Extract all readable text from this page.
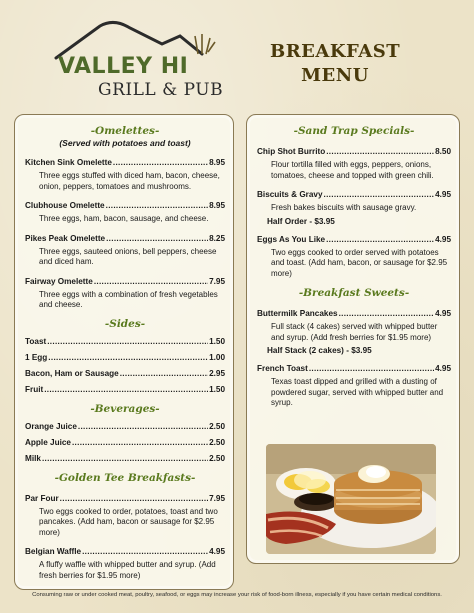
VALLEY HI
GRILL & PUB
BREAKFAST
MENU
-Omelettes-
(Served with potatoes and toast)
Kitchen Sink Omelette .....	8.95
Three eggs stuffed with diced ham, bacon, cheese, onion, peppers, tomatoes and mushrooms.
Clubhouse Omelette .....	8.95
Three eggs, ham, bacon, sausage, and cheese.
Pikes Peak Omelette .....	8.25
Three eggs, sauteed onions, bell peppers, cheese and diced ham.
Fairway Omelette .....	7.95
Three eggs with a combination of fresh vegetables and cheese.
-Sides-
Toast .....	1.50
1 Egg .....	1.00
Bacon, Ham or Sausage .....	2.95
Fruit .....	1.50
-Beverages-
Orange Juice .....	2.50
Apple Juice .....	2.50
Milk .....	2.50
-Golden Tee Breakfasts-
Par Four .....	7.95
Two eggs cooked to order, potatoes, toast and two pancakes. (Add ham, bacon or sausage for $2.95 more)
Belgian Waffle .....	4.95
A fluffy waffle with whipped butter and syrup. (Add fresh berries for $1.95 more)
-Sand Trap Specials-
Chip Shot Burrito .....	8.50
Flour tortilla filled with eggs, peppers, onions, tomatoes, cheese and topped with green chili.
Biscuits & Gravy .....	4.95
Fresh bakes biscuits with sausage gravy.
Half Order - $3.95
Eggs As You Like .....	4.95
Two eggs cooked to order served with potatoes and toast. (Add ham, bacon, or sausage for $2.95 more)
-Breakfast Sweets-
Buttermilk Pancakes .....	4.95
Full stack (4 cakes) served with whipped butter and syrup. (Add fresh berries for $1.95 more)
Half Stack (2 cakes) - $3.95
French Toast .....	4.95
Texas toast dipped and grilled with a dusting of powdered sugar, served with whipped butter and syrup.
Consuming raw or under cooked meat, poultry, seafood, or eggs may increase your risk of food-born illness, especially if you have certain medical conditions.
